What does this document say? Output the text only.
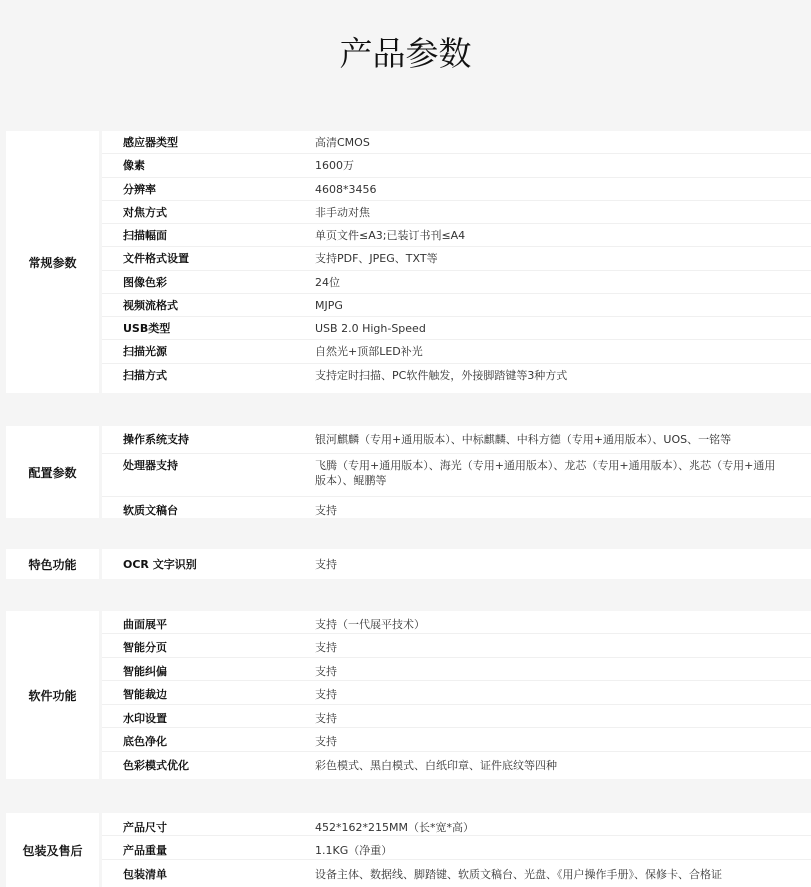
产品参数
常规参数
感应器类型	高清CMOS
像素	1600万
分辨率	4608*3456
对焦方式	非手动对焦
扫描幅面	单页文件≤A3;已装订书刊≤A4
文件格式设置	支持PDF、JPEG、TXT等
图像色彩	24位
视频流格式	MJPG
USB类型	USB 2.0 High-Speed
扫描光源	自然光+顶部LED补光
扫描方式	支持定时扫描、PC软件触发，外接脚踏键等3种方式
配置参数
操作系统支持	银河麒麟（专用+通用版本）、中标麒麟、中科方德（专用+通用版本）、UOS、一铭等
处理器支持	飞腾（专用+通用版本）、海光（专用+通用版本）、龙芯（专用+通用版本）、兆芯（专用+通用版本）、鲲鹏等
软质文稿台	支持
特色功能	OCR 文字识别	支持
软件功能
曲面展平	支持（一代展平技术）
智能分页	支持
智能纠偏	支持
智能裁边	支持
水印设置	支持
底色净化	支持
色彩模式优化	彩色模式、黑白模式、白纸印章、证件底纹等四种
包装及售后
产品尺寸	452*162*215MM（长*宽*高）
产品重量	1.1KG（净重）
包装清单	设备主体、数据线、脚踏键、软质文稿台、光盘、《用户操作手册》、保修卡、合格证
